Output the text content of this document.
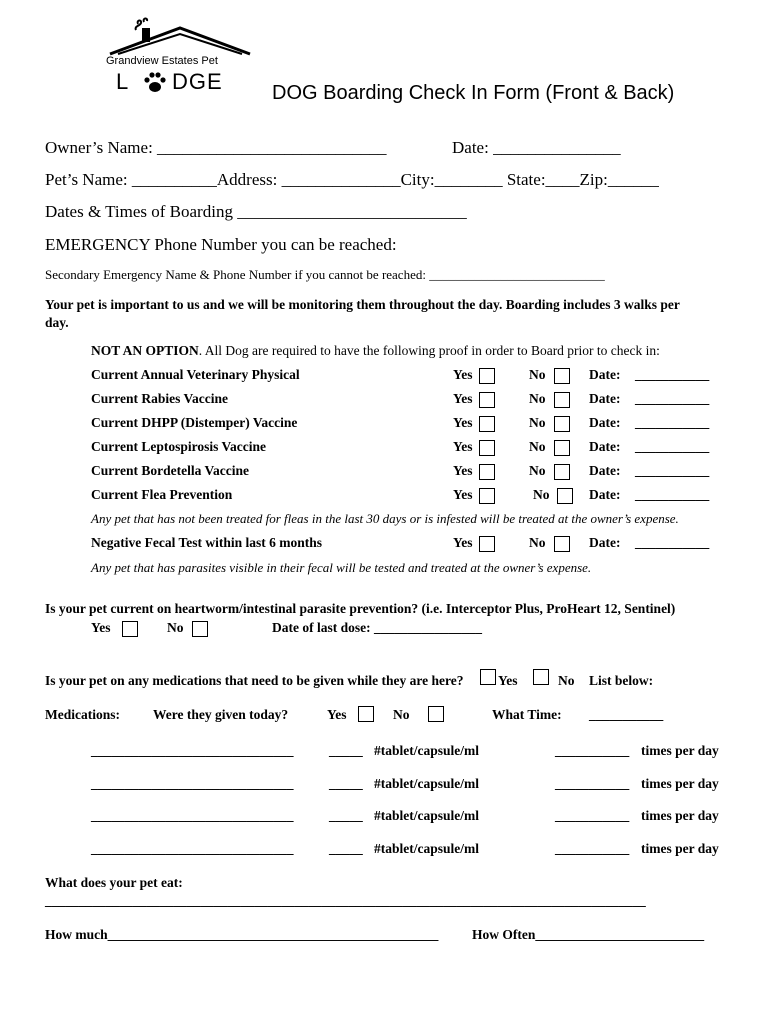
Grandview Estates Pet
L DGE DOG Boarding Check In Form (Front & Back)
Owner’s Name: ___________________________	Date: _______________
Pet’s Name: __________Address: ______________City:________ State:____Zip:______
Dates & Times of Boarding ___________________________
EMERGENCY Phone Number you can be reached:
Secondary Emergency Name & Phone Number if you cannot be reached: ___________________________
Your pet is important to us and we will be monitoring them throughout the day. Boarding includes 3 walks per
day.
NOT AN OPTION. All Dog are required to have the following proof in order to Board prior to check in:
Current Annual Veterinary Physical	Yes	No	Date: ___________
Current Rabies Vaccine	Yes	No	Date: ___________
Current DHPP (Distemper) Vaccine	Yes	No	Date: ___________
Current Leptospirosis Vaccine	Yes	No	Date: ___________
Current Bordetella Vaccine	Yes	No	Date: ___________
Current Flea Prevention	Yes	No	Date: ___________
Any pet that has not been treated for fleas in the last 30 days or is infested will be treated at the owner’s expense.
Negative Fecal Test within last 6 months	Yes	No	Date: ___________
Any pet that has parasites visible in their fecal will be tested and treated at the owner’s expense.
Is your pet current on heartworm/intestinal parasite prevention? (i.e. Interceptor Plus, ProHeart 12, Sentinel)
Yes	No	Date of last dose: ________________
Is your pet on any medications that need to be given while they are here?	Yes	No List below:
Medications: Were they given today?	Yes	No	What Time: ___________
______________________________	_____ #tablet/capsule/ml	___________ times per day
______________________________	_____ #tablet/capsule/ml	___________ times per day
______________________________	_____ #tablet/capsule/ml	___________ times per day
______________________________	_____ #tablet/capsule/ml	___________ times per day
What does your pet eat:
_________________________________________________________________________________________
How much_________________________________________________ How Often_________________________
